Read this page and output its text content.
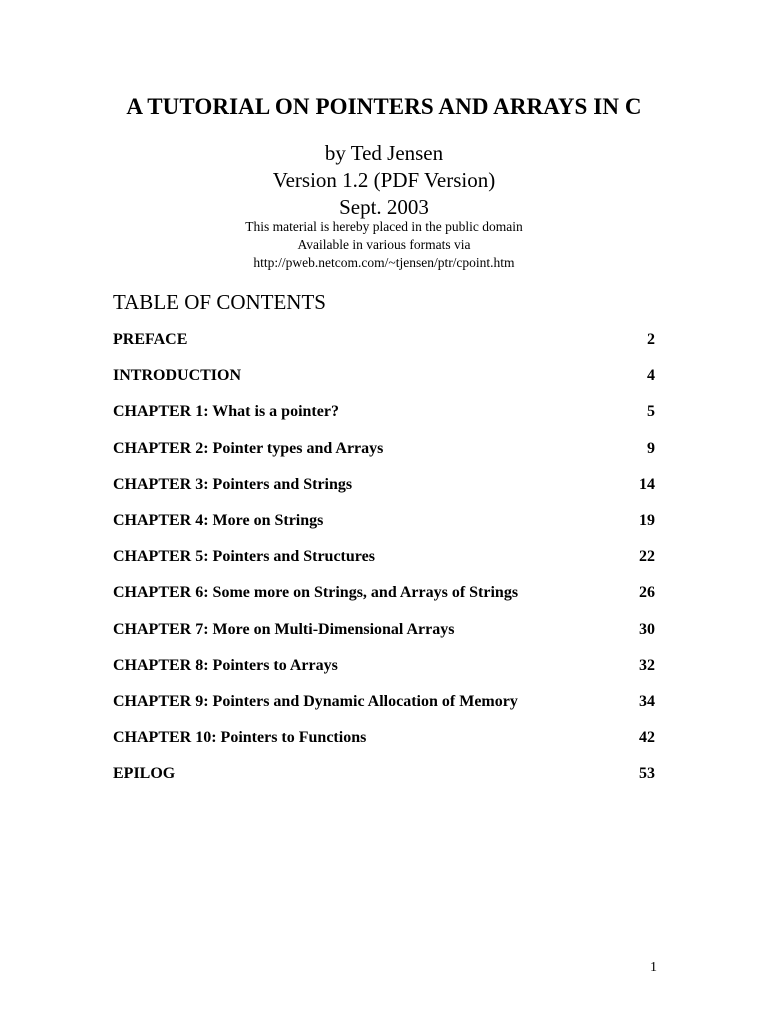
A TUTORIAL ON POINTERS AND ARRAYS IN C
by Ted Jensen
Version 1.2 (PDF Version)
Sept. 2003
This material is hereby placed in the public domain
Available in various formats via
http://pweb.netcom.com/~tjensen/ptr/cpoint.htm
TABLE OF CONTENTS
PREFACE	2
INTRODUCTION	4
CHAPTER 1: What is a pointer?	5
CHAPTER 2: Pointer types and Arrays	9
CHAPTER 3: Pointers and Strings	14
CHAPTER 4: More on Strings	19
CHAPTER 5: Pointers and Structures	22
CHAPTER 6: Some more on Strings, and Arrays of Strings	26
CHAPTER 7: More on Multi-Dimensional Arrays	30
CHAPTER 8: Pointers to Arrays	32
CHAPTER 9: Pointers and Dynamic Allocation of Memory	34
CHAPTER 10: Pointers to Functions	42
EPILOG	53
1
